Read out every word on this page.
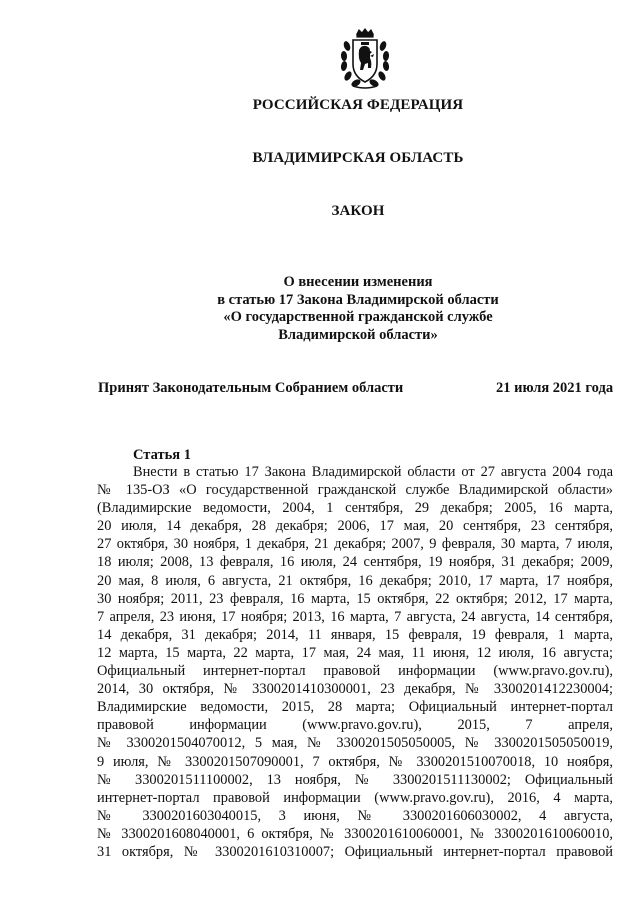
РОССИЙСКАЯ ФЕДЕРАЦИЯ
ВЛАДИМИРСКАЯ ОБЛАСТЬ
ЗАКОН
О внесении изменения
в статью 17 Закона Владимирской области
«О государственной гражданской службе
Владимирской области»
Принят Законодательным Собранием области	21 июля 2021 года
Статья 1
Внести в статью 17 Закона Владимирской области от 27 августа 2004 года
№ 135-ОЗ «О государственной гражданской службе Владимирской области»
(Владимирские ведомости, 2004, 1 сентября, 29 декабря; 2005, 16 марта,
20 июля, 14 декабря, 28 декабря; 2006, 17 мая, 20 сентября, 23 сентября,
27 октября, 30 ноября, 1 декабря, 21 декабря; 2007, 9 февраля, 30 марта, 7 июля,
18 июля; 2008, 13 февраля, 16 июля, 24 сентября, 19 ноября, 31 декабря; 2009,
20 мая, 8 июля, 6 августа, 21 октября, 16 декабря; 2010, 17 марта, 17 ноября,
30 ноября; 2011, 23 февраля, 16 марта, 15 октября, 22 октября; 2012, 17 марта,
7 апреля, 23 июня, 17 ноября; 2013, 16 марта, 7 августа, 24 августа, 14 сентября,
14 декабря, 31 декабря; 2014, 11 января, 15 февраля, 19 февраля, 1 марта,
12 марта, 15 марта, 22 марта, 17 мая, 24 мая, 11 июня, 12 июля, 16 августа;
Официальный интернет-портал правовой информации (www.pravo.gov.ru),
2014, 30 октября, № 3300201410300001, 23 декабря, № 3300201412230004;
Владимирские ведомости, 2015, 28 марта; Официальный интернет-портал
правовой информации (www.pravo.gov.ru), 2015, 7 апреля,
№ 3300201504070012, 5 мая, № 3300201505050005, № 3300201505050019,
9 июля, № 3300201507090001, 7 октября, № 3300201510070018, 10 ноября,
№ 3300201511100002, 13 ноября, № 3300201511130002; Официальный
интернет-портал правовой информации (www.pravo.gov.ru), 2016, 4 марта,
№ 3300201603040015, 3 июня, № 3300201606030002, 4 августа,
№ 3300201608040001, 6 октября, № 3300201610060001, № 3300201610060010,
31 октября, № 3300201610310007; Официальный интернет-портал правовой
